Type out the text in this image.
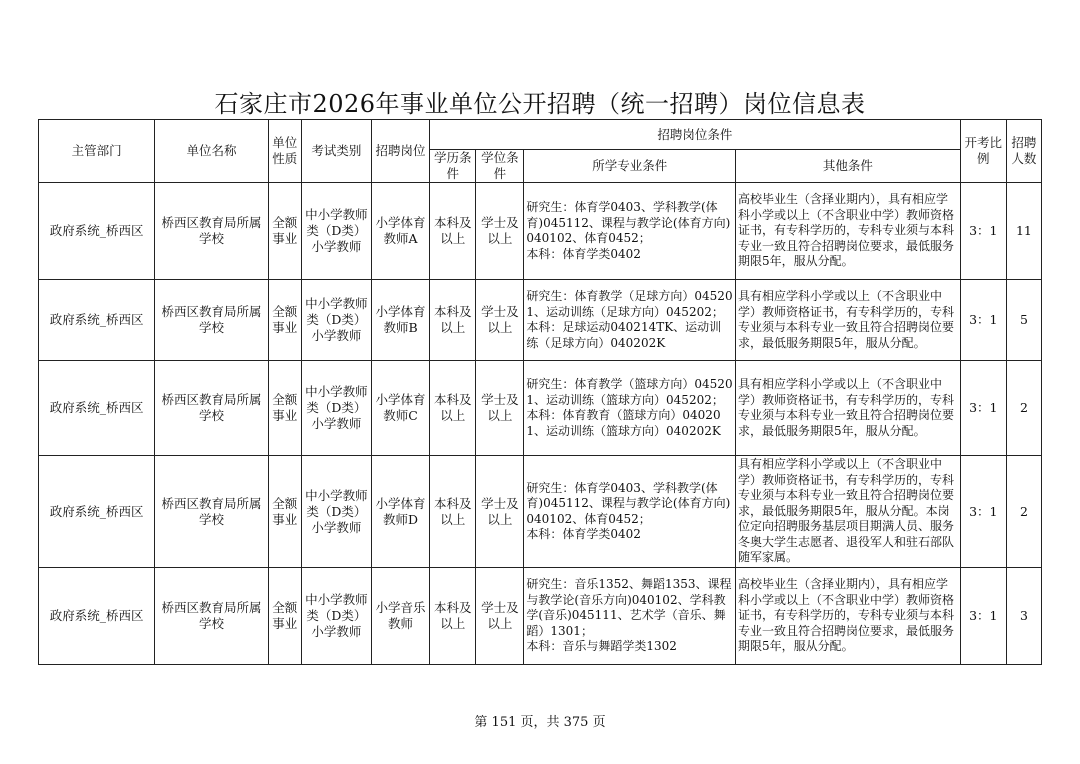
石家庄市2026年事业单位公开招聘（统一招聘）岗位信息表
主管部门	单位名称	单位性质	考试类别	招聘岗位	招聘岗位条件				开考比例	招聘人数
					学历条件	学位条件	所学专业条件	其他条件		
政府系统_桥西区	桥西区教育局所属学校	全额事业	中小学教师类（D类）小学教师	小学体育教师A	本科及以上	学士及以上	研究生：体育学0403、学科教学(体育)045112、课程与教学论(体育方向)040102、体育0452；
本科：体育学类0402	高校毕业生（含择业期内），具有相应学科小学或以上（不含职业中学）教师资格证书，有专科学历的，专科专业须与本科专业一致且符合招聘岗位要求，最低服务期限5年，服从分配。	3：1	11
政府系统_桥西区	桥西区教育局所属学校	全额事业	中小学教师类（D类）小学教师	小学体育教师B	本科及以上	学士及以上	研究生：体育教学（足球方向）045201、运动训练（足球方向）045202；
本科：足球运动040214TK、运动训练（足球方向）040202K	具有相应学科小学或以上（不含职业中学）教师资格证书，有专科学历的，专科专业须与本科专业一致且符合招聘岗位要求，最低服务期限5年，服从分配。	3：1	5
政府系统_桥西区	桥西区教育局所属学校	全额事业	中小学教师类（D类）小学教师	小学体育教师C	本科及以上	学士及以上	研究生：体育教学（篮球方向）045201、运动训练（篮球方向）045202；
本科：体育教育（篮球方向）040201、运动训练（篮球方向）040202K	具有相应学科小学或以上（不含职业中学）教师资格证书，有专科学历的，专科专业须与本科专业一致且符合招聘岗位要求，最低服务期限5年，服从分配。	3：1	2
政府系统_桥西区	桥西区教育局所属学校	全额事业	中小学教师类（D类）小学教师	小学体育教师D	本科及以上	学士及以上	研究生：体育学0403、学科教学(体育)045112、课程与教学论(体育方向)040102、体育0452；
本科：体育学类0402	具有相应学科小学或以上（不含职业中学）教师资格证书，有专科学历的，专科专业须与本科专业一致且符合招聘岗位要求，最低服务期限5年，服从分配。本岗位定向招聘服务基层项目期满人员、服务冬奥大学生志愿者、退役军人和驻石部队随军家属。	3：1	2
政府系统_桥西区	桥西区教育局所属学校	全额事业	中小学教师类（D类）小学教师	小学音乐教师	本科及以上	学士及以上	研究生：音乐1352、舞蹈1353、课程与教学论(音乐方向)040102、学科教学(音乐)045111、艺术学（音乐、舞蹈）1301；
本科：音乐与舞蹈学类1302	高校毕业生（含择业期内），具有相应学科小学或以上（不含职业中学）教师资格证书，有专科学历的，专科专业须与本科专业一致且符合招聘岗位要求，最低服务期限5年，服从分配。	3：1	3
第 151 页，共 375 页
